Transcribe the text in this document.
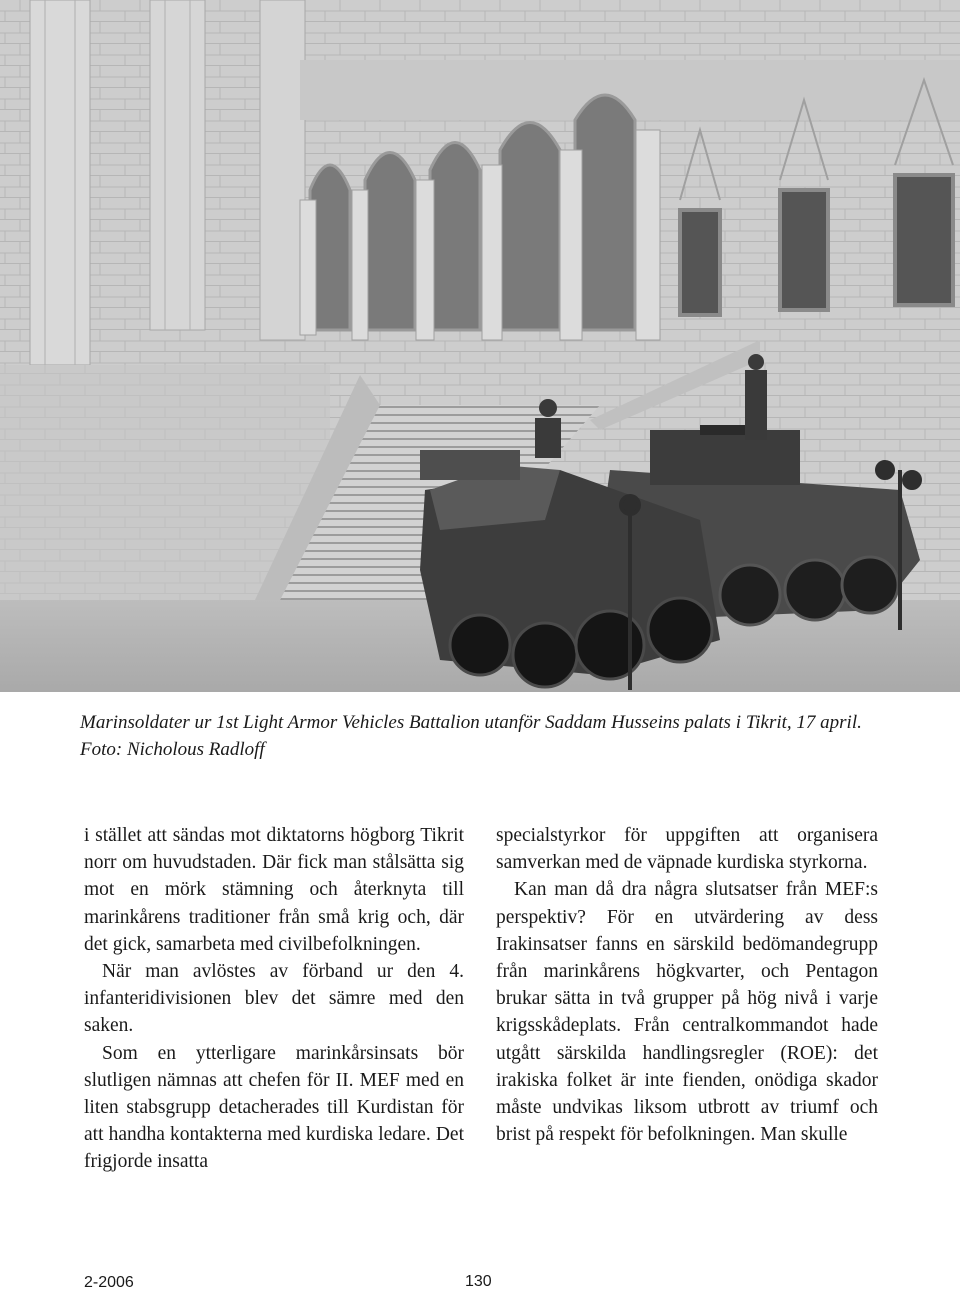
Marinsoldater ur 1st Light Armor Vehicles Battalion utanför Saddam Husseins palats i Tikrit, 17 april. Foto: Nicholous Radloff

i stället att sändas mot diktatorns högborg Tikrit norr om huvudstaden. Där fick man stålsätta sig mot en mörk stämning och återknyta till marinkårens traditioner från små krig och, där det gick, samarbeta med civilbefolkningen.

När man avlöstes av förband ur den 4. infanteridivisionen blev det sämre med den saken.

Som en ytterligare marinkårsinsats bör slutligen nämnas att chefen för II. MEF med en liten stabsgrupp detacherades till Kurdistan för att handha kontakterna med kurdiska ledare. Det frigjorde insatta

specialstyrkor för uppgiften att organisera samverkan med de väpnade kurdiska styrkorna.

Kan man då dra några slutsatser från MEF:s perspektiv? För en utvärdering av dess Irakinsatser fanns en särskild bedömandegrupp från marinkårens högkvarter, och Pentagon brukar sätta in två grupper på hög nivå i varje krigsskådeplats. Från centralkommandot hade utgått särskilda handlingsregler (ROE): det irakiska folket är inte fienden, onödiga skador måste undvikas liksom utbrott av triumf och brist på respekt för befolkningen. Man skulle

2-2006	130
